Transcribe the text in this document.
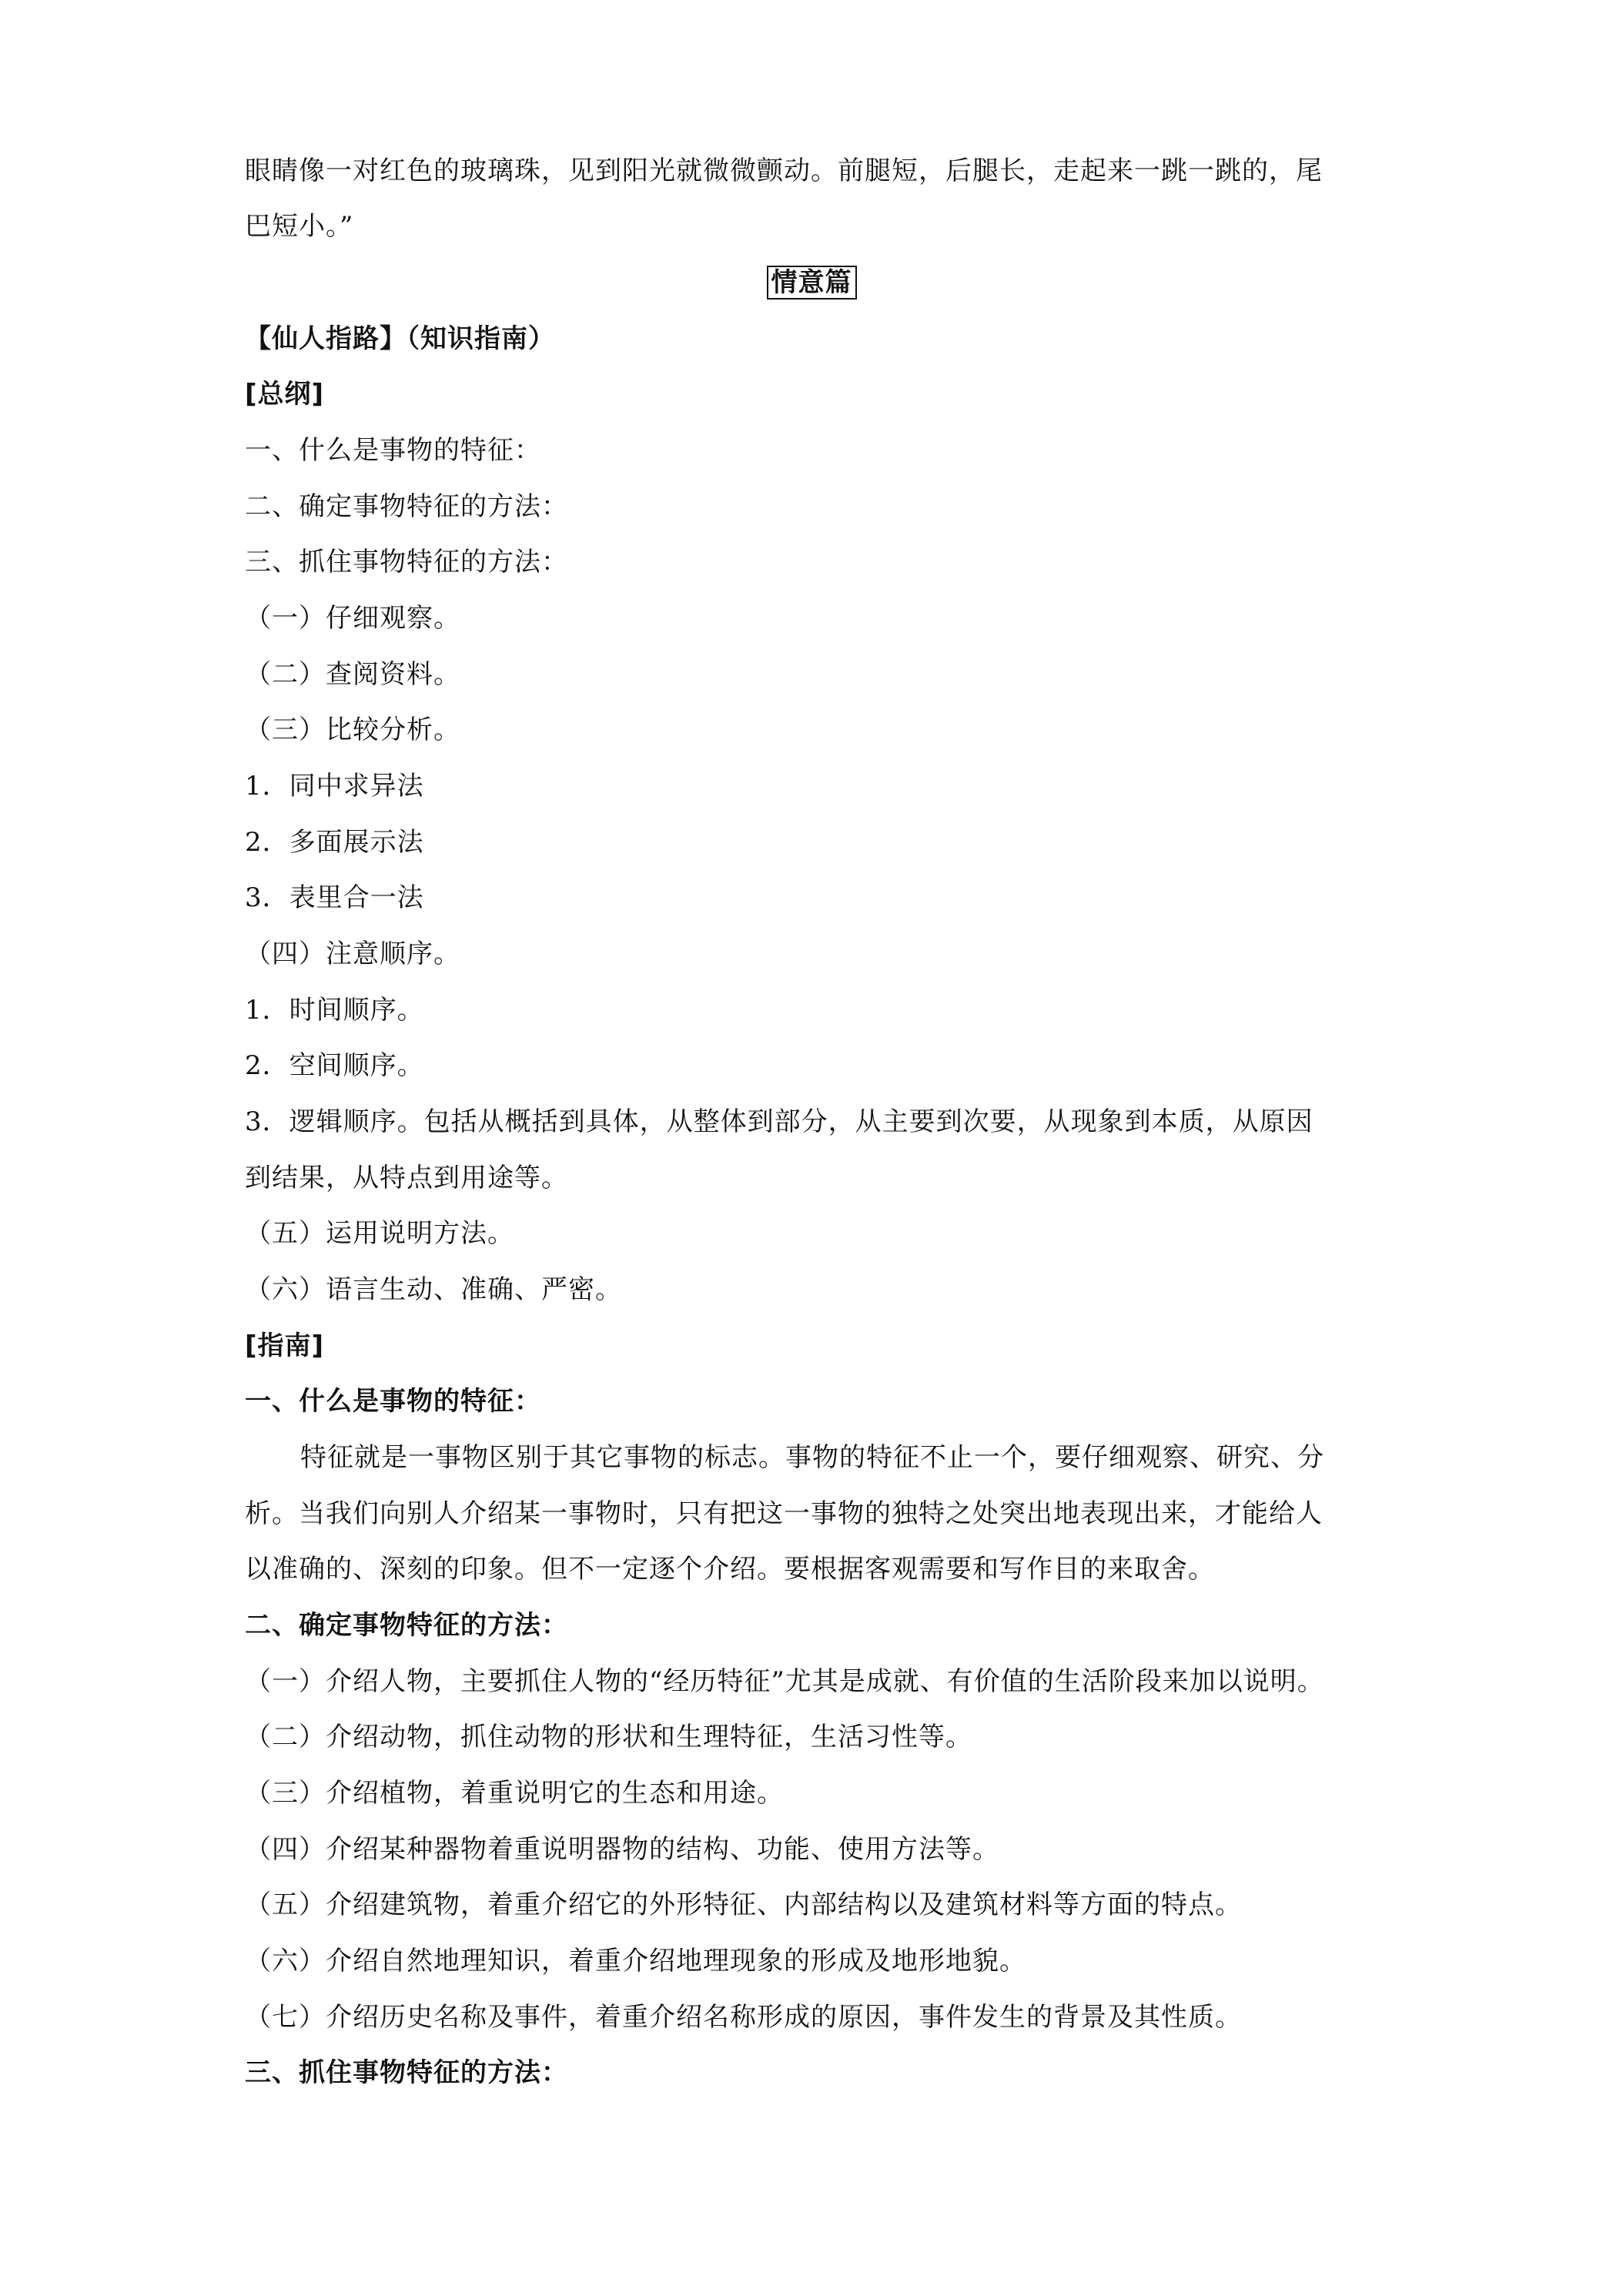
眼睛像一对红色的玻璃珠，见到阳光就微微颤动。前腿短，后腿长，走起来一跳一跳的，尾

巴短小。”

情意篇

【仙人指路】（知识指南）

[总纲]

一、什么是事物的特征：

二、确定事物特征的方法：

三、抓住事物特征的方法：

（一）仔细观察。

（二）查阅资料。

（三）比较分析。

1．同中求异法

2．多面展示法

3．表里合一法

（四）注意顺序。

1．时间顺序。

2．空间顺序。

3．逻辑顺序。包括从概括到具体，从整体到部分，从主要到次要，从现象到本质，从原因

到结果，从特点到用途等。

（五）运用说明方法。

（六）语言生动、准确、严密。

[指南]

一、什么是事物的特征：

特征就是一事物区别于其它事物的标志。事物的特征不止一个，要仔细观察、研究、分

析。当我们向别人介绍某一事物时，只有把这一事物的独特之处突出地表现出来，才能给人

以准确的、深刻的印象。但不一定逐个介绍。要根据客观需要和写作目的来取舍。

二、确定事物特征的方法：

（一）介绍人物，主要抓住人物的“经历特征”尤其是成就、有价值的生活阶段来加以说明。

（二）介绍动物，抓住动物的形状和生理特征，生活习性等。

（三）介绍植物，着重说明它的生态和用途。

（四）介绍某种器物着重说明器物的结构、功能、使用方法等。

（五）介绍建筑物，着重介绍它的外形特征、内部结构以及建筑材料等方面的特点。

（六）介绍自然地理知识，着重介绍地理现象的形成及地形地貌。

（七）介绍历史名称及事件，着重介绍名称形成的原因，事件发生的背景及其性质。

三、抓住事物特征的方法：
